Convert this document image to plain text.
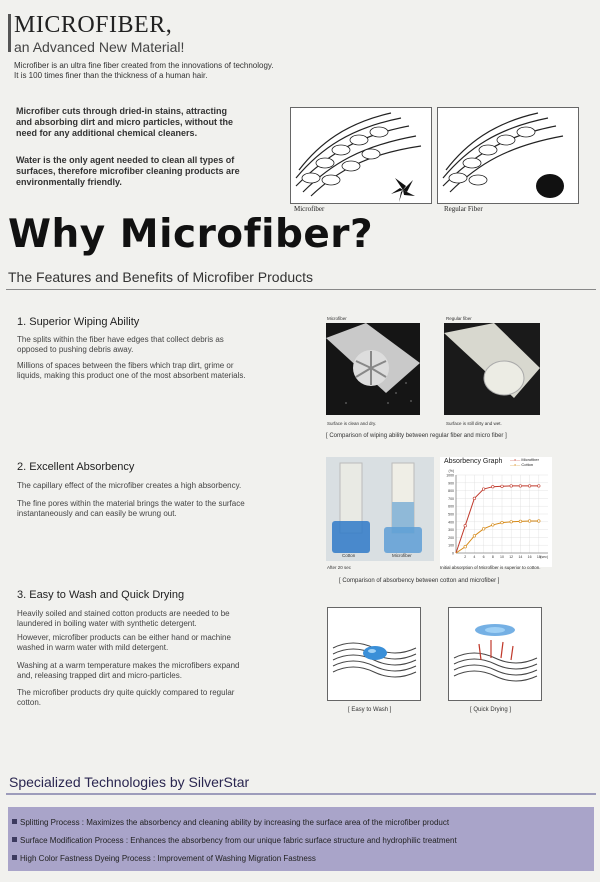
MICROFIBER,
an Advanced New Material!
Microfiber is an ultra fine fiber created from the innovations of technology.
It is 100 times finer than the thickness of a human hair.
Microfiber cuts through dried-in stains, attracting
and absorbing dirt and micro particles, without the
need for any additional chemical cleaners.
Water is the only agent needed to clean all types of
surfaces, therefore microfiber cleaning products are
environmentally friendly.
Microfiber	Regular Fiber
Why Microfiber?
The Features and Benefits of Microfiber Products
1. Superior Wiping Ability
The splits within the fiber have edges that collect debris as
opposed to pushing debris away.
Millions of spaces between the fibers which trap dirt, grime or
liquids, making this product one of the most absorbent materials.
Microfiber	Regular fiber
Surface is clean and dry.	Surface is still dirty and wet.
[ Comparison of wiping ability between regular fiber and micro fiber ]
2. Excellent Absorbency
The capillary effect of the microfiber creates a high absorbency.
The fine pores within the material brings the water to the surface
instantaneously and can easily be wrung out.
Cotton	Microfiber
After 20 sec
Absorbency Graph —o— Microfiber
—o— Cotton
0
100
200
300
400
500
600
700
800
900
1000
2 4 6 8 10 12 14 16 18 (sec)
(%)
Initial absorption of Microfiber is superior to cotton.
[ Comparison of absorbency between cotton and microfiber ]
3. Easy to Wash and Quick Drying
Heavily soiled and stained cotton products are needed to be
laundered in boiling water with synthetic detergent.
However, microfiber products can be either hand or machine
washed in warm water with mild detergent.
Washing at a warm temperature makes the microfibers expand
and, releasing trapped dirt and micro-particles.
The microfiber products dry quite quickly compared to regular
cotton.
[ Easy to Wash ]	[ Quick Drying ]
Specialized Technologies by SilverStar
Splitting Process : Maximizes the absorbency and cleaning ability by increasing the surface area of the microfiber product
Surface Modification Process : Enhances the absorbency from our unique fabric surface structure and hydrophilic treatment
High Color Fastness Dyeing Process : Improvement of Washing Migration Fastness
